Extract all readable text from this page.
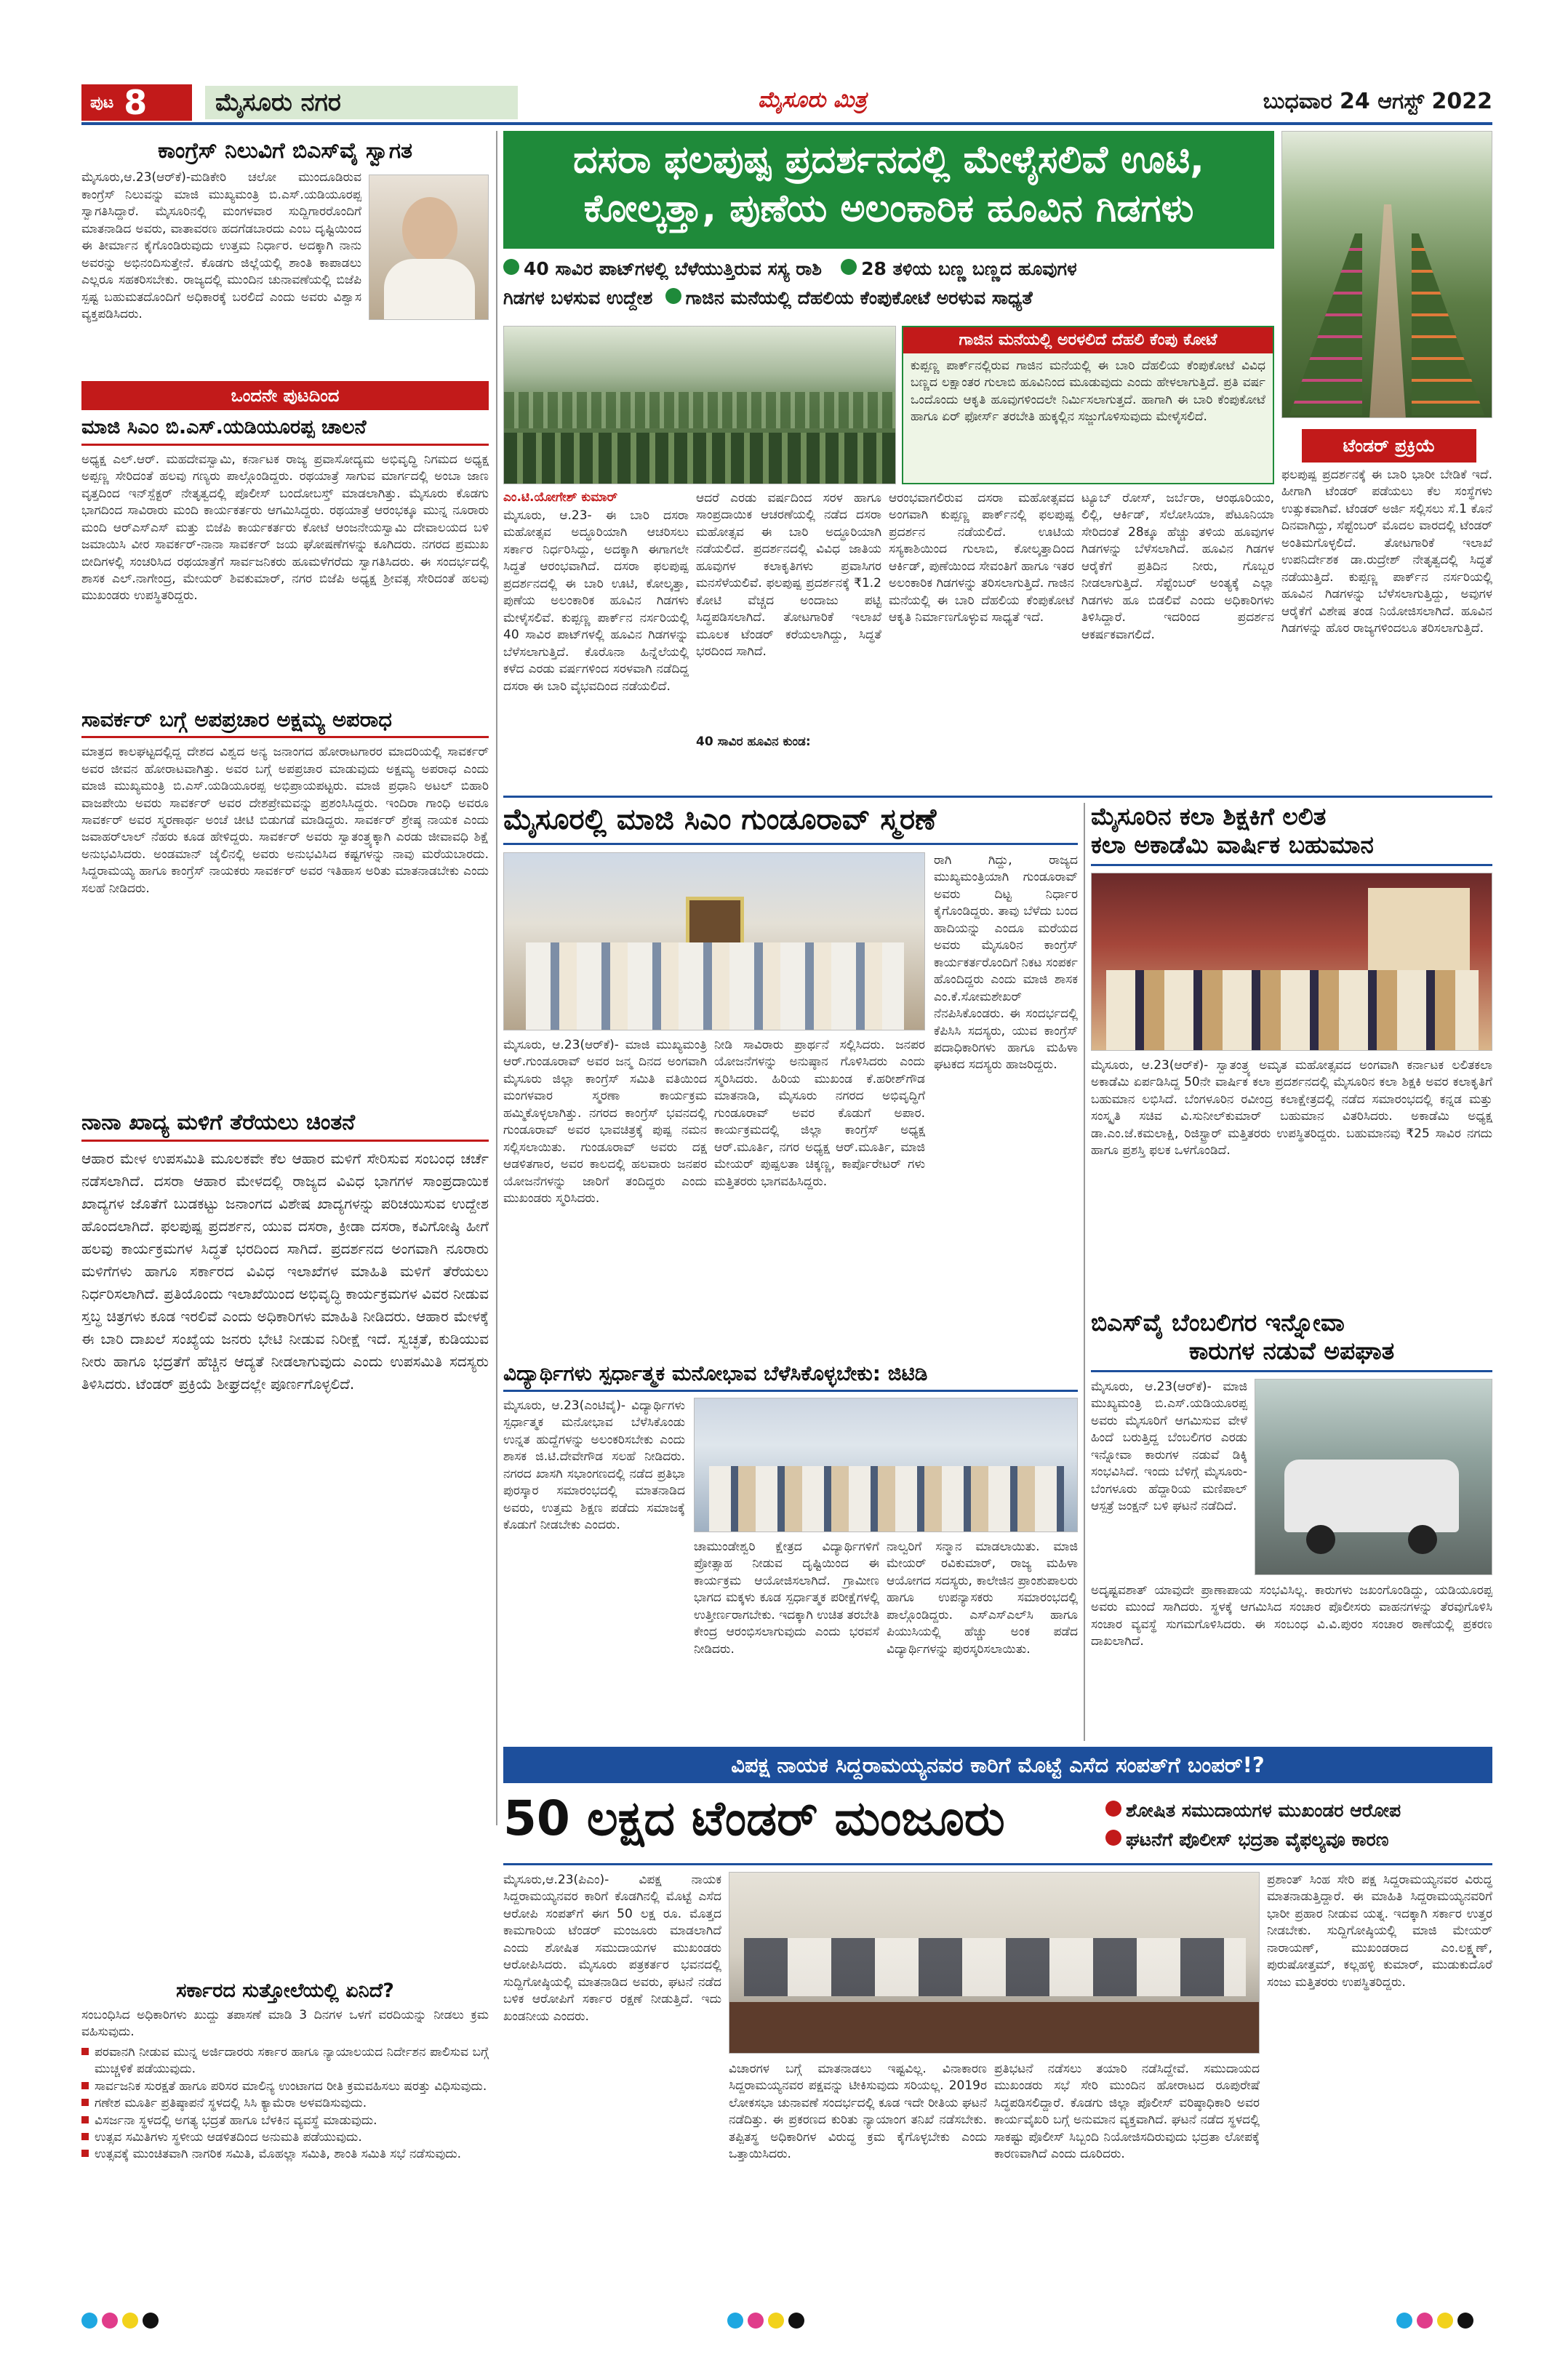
ಪುಟ 8	ಮೈಸೂರು ನಗರ	ಮೈಸೂರು ಮಿತ್ರ	ಬುಧವಾರ 24 ಆಗಸ್ಟ್ 2022
ಕಾಂಗ್ರೆಸ್ ನಿಲುವಿಗೆ ಬಿಎಸ್‌ವೈ ಸ್ವಾಗತ
ಮೈಸೂರು,ಆ.23(ಆರ್‌ಕೆ)-ಮಡಿಕೇರಿ ಚಲೋ ಮುಂದೂಡಿರುವ ಕಾಂಗ್ರೆಸ್ ನಿಲುವನ್ನು ಮಾಜಿ ಮುಖ್ಯಮಂತ್ರಿ ಬಿ.ಎಸ್.ಯಡಿಯೂರಪ್ಪ ಸ್ವಾಗತಿಸಿದ್ದಾರೆ. ಮೈಸೂರಿನಲ್ಲಿ ಮಂಗಳವಾರ ಸುದ್ದಿಗಾರರೊಂದಿಗೆ ಮಾತನಾಡಿದ ಅವರು, ವಾತಾವರಣ ಹದಗೆಡಬಾರದು ಎಂಬ ದೃಷ್ಟಿಯಿಂದ ಈ ತೀರ್ಮಾನ ಕೈಗೊಂಡಿರುವುದು ಉತ್ತಮ ನಿರ್ಧಾರ. ಅದಕ್ಕಾಗಿ ನಾನು ಅವರನ್ನು ಅಭಿನಂದಿಸುತ್ತೇನೆ. ಕೊಡಗು ಜಿಲ್ಲೆಯಲ್ಲಿ ಶಾಂತಿ ಕಾಪಾಡಲು ಎಲ್ಲರೂ ಸಹಕರಿಸಬೇಕು. ರಾಜ್ಯದಲ್ಲಿ ಮುಂದಿನ ಚುನಾವಣೆಯಲ್ಲಿ ಬಿಜೆಪಿ ಸ್ಪಷ್ಟ ಬಹುಮತದೊಂದಿಗೆ ಅಧಿಕಾರಕ್ಕೆ ಬರಲಿದೆ ಎಂದು ಅವರು ವಿಶ್ವಾಸ ವ್ಯಕ್ತಪಡಿಸಿದರು.
ಒಂದನೇ ಪುಟದಿಂದ
ಮಾಜಿ ಸಿಎಂ ಬಿ.ಎಸ್.ಯಡಿಯೂರಪ್ಪ ಚಾಲನೆ
ಅಧ್ಯಕ್ಷ ಎಲ್.ಆರ್. ಮಹದೇವಸ್ವಾಮಿ, ಕರ್ನಾಟಕ ರಾಜ್ಯ ಪ್ರವಾಸೋದ್ಯಮ ಅಭಿವೃದ್ಧಿ ನಿಗಮದ ಅಧ್ಯಕ್ಷ ಅಪ್ಪಣ್ಣ ಸೇರಿದಂತೆ ಹಲವು ಗಣ್ಯರು ಪಾಲ್ಗೊಂಡಿದ್ದರು. ರಥಯಾತ್ರೆ ಸಾಗುವ ಮಾರ್ಗದಲ್ಲಿ ಅಂಬಾ ಜಾಣ ವೃತ್ತದಿಂದ ಇನ್‌ಸ್ಪೆಕ್ಟರ್ ನೇತೃತ್ವದಲ್ಲಿ ಪೊಲೀಸ್ ಬಂದೋಬಸ್ತ್ ಮಾಡಲಾಗಿತ್ತು. ಮೈಸೂರು ಕೊಡಗು ಭಾಗದಿಂದ ಸಾವಿರಾರು ಮಂದಿ ಕಾರ್ಯಕರ್ತರು ಆಗಮಿಸಿದ್ದರು. ರಥಯಾತ್ರೆ ಆರಂಭಕ್ಕೂ ಮುನ್ನ ನೂರಾರು ಮಂದಿ ಆರ್‌ಎಸ್‌ಎಸ್ ಮತ್ತು ಬಿಜೆಪಿ ಕಾರ್ಯಕರ್ತರು ಕೋಟೆ ಆಂಜನೇಯಸ್ವಾಮಿ ದೇವಾಲಯದ ಬಳಿ ಜಮಾಯಿಸಿ ವೀರ ಸಾವರ್ಕರ್-ನಾನಾ ಸಾವರ್ಕರ್ ಜಯ ಘೋಷಣೆಗಳನ್ನು ಕೂಗಿದರು. ನಗರದ ಪ್ರಮುಖ ಬೀದಿಗಳಲ್ಲಿ ಸಂಚರಿಸಿದ ರಥಯಾತ್ರೆಗೆ ಸಾರ್ವಜನಿಕರು ಹೂಮಳೆಗರೆದು ಸ್ವಾಗತಿಸಿದರು. ಈ ಸಂದರ್ಭದಲ್ಲಿ ಶಾಸಕ ಎಲ್.ನಾಗೇಂದ್ರ, ಮೇಯರ್ ಶಿವಕುಮಾರ್, ನಗರ ಬಿಜೆಪಿ ಅಧ್ಯಕ್ಷ ಶ್ರೀವತ್ಸ ಸೇರಿದಂತೆ ಹಲವು ಮುಖಂಡರು ಉಪಸ್ಥಿತರಿದ್ದರು.
ಸಾವರ್ಕರ್ ಬಗ್ಗೆ ಅಪಪ್ರಚಾರ ಅಕ್ಷಮ್ಯ ಅಪರಾಧ
ಮಾತ್ರದ ಕಾಲಘಟ್ಟದಲ್ಲಿದ್ದ ದೇಶದ ವಿಶ್ವದ ಅನ್ಯ ಜನಾಂಗದ ಹೋರಾಟಗಾರರ ಮಾದರಿಯಲ್ಲಿ ಸಾವರ್ಕರ್ ಅವರ ಜೀವನ ಹೋರಾಟವಾಗಿತ್ತು. ಅವರ ಬಗ್ಗೆ ಅಪಪ್ರಚಾರ ಮಾಡುವುದು ಅಕ್ಷಮ್ಯ ಅಪರಾಧ ಎಂದು ಮಾಜಿ ಮುಖ್ಯಮಂತ್ರಿ ಬಿ.ಎಸ್.ಯಡಿಯೂರಪ್ಪ ಅಭಿಪ್ರಾಯಪಟ್ಟರು. ಮಾಜಿ ಪ್ರಧಾನಿ ಅಟಲ್ ಬಿಹಾರಿ ವಾಜಪೇಯಿ ಅವರು ಸಾವರ್ಕರ್ ಅವರ ದೇಶಪ್ರೇಮವನ್ನು ಪ್ರಶಂಸಿಸಿದ್ದರು. ಇಂದಿರಾ ಗಾಂಧಿ ಅವರೂ ಸಾವರ್ಕರ್ ಅವರ ಸ್ಮರಣಾರ್ಥ ಅಂಚೆ ಚೀಟಿ ಬಿಡುಗಡೆ ಮಾಡಿದ್ದರು. ಸಾವರ್ಕರ್ ಶ್ರೇಷ್ಠ ನಾಯಕ ಎಂದು ಜವಾಹರ್‌ಲಾಲ್ ನೆಹರು ಕೂಡ ಹೇಳಿದ್ದರು. ಸಾವರ್ಕರ್ ಅವರು ಸ್ವಾತಂತ್ರ್ಯಕ್ಕಾಗಿ ಎರಡು ಜೀವಾವಧಿ ಶಿಕ್ಷೆ ಅನುಭವಿಸಿದರು. ಅಂಡಮಾನ್ ಜೈಲಿನಲ್ಲಿ ಅವರು ಅನುಭವಿಸಿದ ಕಷ್ಟಗಳನ್ನು ನಾವು ಮರೆಯಬಾರದು. ಸಿದ್ದರಾಮಯ್ಯ ಹಾಗೂ ಕಾಂಗ್ರೆಸ್ ನಾಯಕರು ಸಾವರ್ಕರ್ ಅವರ ಇತಿಹಾಸ ಅರಿತು ಮಾತನಾಡಬೇಕು ಎಂದು ಸಲಹೆ ನೀಡಿದರು.
ನಾನಾ ಖಾದ್ಯ ಮಳಿಗೆ ತೆರೆಯಲು ಚಿಂತನೆ
ಆಹಾರ ಮೇಳ ಉಪಸಮಿತಿ ಮೂಲಕವೇ ಕೆಲ ಆಹಾರ ಮಳಿಗೆ ಸೇರಿಸುವ ಸಂಬಂಧ ಚರ್ಚೆ ನಡೆಸಲಾಗಿದೆ. ದಸರಾ ಆಹಾರ ಮೇಳದಲ್ಲಿ ರಾಜ್ಯದ ವಿವಿಧ ಭಾಗಗಳ ಸಾಂಪ್ರದಾಯಿಕ ಖಾದ್ಯಗಳ ಜೊತೆಗೆ ಬುಡಕಟ್ಟು ಜನಾಂಗದ ವಿಶೇಷ ಖಾದ್ಯಗಳನ್ನು ಪರಿಚಯಿಸುವ ಉದ್ದೇಶ ಹೊಂದಲಾಗಿದೆ. ಫಲಪುಷ್ಪ ಪ್ರದರ್ಶನ, ಯುವ ದಸರಾ, ಕ್ರೀಡಾ ದಸರಾ, ಕವಿಗೋಷ್ಠಿ ಹೀಗೆ ಹಲವು ಕಾರ್ಯಕ್ರಮಗಳ ಸಿದ್ಧತೆ ಭರದಿಂದ ಸಾಗಿದೆ. ಪ್ರದರ್ಶನದ ಅಂಗವಾಗಿ ನೂರಾರು ಮಳಿಗೆಗಳು ಹಾಗೂ ಸರ್ಕಾರದ ವಿವಿಧ ಇಲಾಖೆಗಳ ಮಾಹಿತಿ ಮಳಿಗೆ ತೆರೆಯಲು ನಿರ್ಧರಿಸಲಾಗಿದೆ. ಪ್ರತಿಯೊಂದು ಇಲಾಖೆಯಿಂದ ಅಭಿವೃದ್ಧಿ ಕಾರ್ಯಕ್ರಮಗಳ ವಿವರ ನೀಡುವ ಸ್ತಬ್ಧ ಚಿತ್ರಗಳು ಕೂಡ ಇರಲಿವೆ ಎಂದು ಅಧಿಕಾರಿಗಳು ಮಾಹಿತಿ ನೀಡಿದರು. ಆಹಾರ ಮೇಳಕ್ಕೆ ಈ ಬಾರಿ ದಾಖಲೆ ಸಂಖ್ಯೆಯ ಜನರು ಭೇಟಿ ನೀಡುವ ನಿರೀಕ್ಷೆ ಇದೆ. ಸ್ವಚ್ಛತೆ, ಕುಡಿಯುವ ನೀರು ಹಾಗೂ ಭದ್ರತೆಗೆ ಹೆಚ್ಚಿನ ಆದ್ಯತೆ ನೀಡಲಾಗುವುದು ಎಂದು ಉಪಸಮಿತಿ ಸದಸ್ಯರು ತಿಳಿಸಿದರು. ಟೆಂಡರ್ ಪ್ರಕ್ರಿಯೆ ಶೀಘ್ರದಲ್ಲೇ ಪೂರ್ಣಗೊಳ್ಳಲಿದೆ.
ಸರ್ಕಾರದ ಸುತ್ತೋಲೆಯಲ್ಲಿ ಏನಿದೆ?
ಸಂಬಂಧಿಸಿದ ಅಧಿಕಾರಿಗಳು ಖುದ್ದು ತಪಾಸಣೆ ಮಾಡಿ 3 ದಿನಗಳ ಒಳಗೆ ವರದಿಯನ್ನು ನೀಡಲು ಕ್ರಮ ವಹಿಸುವುದು.
ಪರವಾನಗಿ ನೀಡುವ ಮುನ್ನ ಅರ್ಜಿದಾರರು ಸರ್ಕಾರ ಹಾಗೂ ನ್ಯಾಯಾಲಯದ ನಿರ್ದೇಶನ ಪಾಲಿಸುವ ಬಗ್ಗೆ ಮುಚ್ಚಳಿಕೆ ಪಡೆಯುವುದು.
ಸಾರ್ವಜನಿಕ ಸುರಕ್ಷತೆ ಹಾಗೂ ಪರಿಸರ ಮಾಲಿನ್ಯ ಉಂಟಾಗದ ರೀತಿ ಕ್ರಮವಹಿಸಲು ಷರತ್ತು ವಿಧಿಸುವುದು.
ಗಣೇಶ ಮೂರ್ತಿ ಪ್ರತಿಷ್ಠಾಪನೆ ಸ್ಥಳದಲ್ಲಿ ಸಿಸಿ ಕ್ಯಾಮೆರಾ ಅಳವಡಿಸುವುದು.
ವಿಸರ್ಜನಾ ಸ್ಥಳದಲ್ಲಿ ಅಗತ್ಯ ಭದ್ರತೆ ಹಾಗೂ ಬೆಳಕಿನ ವ್ಯವಸ್ಥೆ ಮಾಡುವುದು.
ಉತ್ಸವ ಸಮಿತಿಗಳು ಸ್ಥಳೀಯ ಆಡಳಿತದಿಂದ ಅನುಮತಿ ಪಡೆಯುವುದು.
ಉತ್ಸವಕ್ಕೆ ಮುಂಚಿತವಾಗಿ ನಾಗರಿಕ ಸಮಿತಿ, ಮೊಹಲ್ಲಾ ಸಮಿತಿ, ಶಾಂತಿ ಸಮಿತಿ ಸಭೆ ನಡೆಸುವುದು.
ದಸರಾ ಫಲಪುಷ್ಪ ಪ್ರದರ್ಶನದಲ್ಲಿ ಮೇಳೈಸಲಿವೆ ಊಟಿ,
ಕೋಲ್ಕತ್ತಾ, ಪುಣೆಯ ಅಲಂಕಾರಿಕ ಹೂವಿನ ಗಿಡಗಳು
40 ಸಾವಿರ ಪಾಟ್‌ಗಳಲ್ಲಿ ಬೆಳೆಯುತ್ತಿರುವ ಸಸ್ಯ ರಾಶಿ 28 ತಳಿಯ ಬಣ್ಣ ಬಣ್ಣದ ಹೂವುಗಳ
ಗಿಡಗಳ ಬಳಸುವ ಉದ್ದೇಶ ಗಾಜಿನ ಮನೆಯಲ್ಲಿ ದೆಹಲಿಯ ಕೆಂಪುಕೋಟೆ ಅರಳುವ ಸಾಧ್ಯತೆ
ಗಾಜಿನ ಮನೆಯಲ್ಲಿ ಅರಳಲಿದೆ ದೆಹಲಿ ಕೆಂಪು ಕೋಟೆ
ಕುಪ್ಪಣ್ಣ ಪಾರ್ಕ್‌ನಲ್ಲಿರುವ ಗಾಜಿನ ಮನೆಯಲ್ಲಿ ಈ ಬಾರಿ ದೆಹಲಿಯ ಕೆಂಪುಕೋಟೆ ವಿವಿಧ ಬಣ್ಣದ ಲಕ್ಷಾಂತರ ಗುಲಾಬಿ ಹೂವಿನಿಂದ ಮೂಡುವುದು ಎಂದು ಹೇಳಲಾಗುತ್ತಿದೆ. ಪ್ರತಿ ವರ್ಷ ಒಂದೊಂದು ಆಕೃತಿ ಹೂವುಗಳಿಂದಲೇ ನಿರ್ಮಿಸಲಾಗುತ್ತದೆ. ಹಾಗಾಗಿ ಈ ಬಾರಿ ಕೆಂಪುಕೋಟೆ ಹಾಗೂ ಏರ್ ಫೋರ್ಸ್ ತರಬೇತಿ ಹುಕ್ಕಲ್ಲಿನ ಸಜ್ಜುಗೊಳಿಸುವುದು ಮೇಳೈಸಲಿದೆ.
ಟೆಂಡರ್ ಪ್ರಕ್ರಿಯೆ
ಫಲಪುಷ್ಪ ಪ್ರದರ್ಶನಕ್ಕೆ ಈ ಬಾರಿ ಭಾರೀ ಬೇಡಿಕೆ ಇದೆ. ಹೀಗಾಗಿ ಟೆಂಡರ್ ಪಡೆಯಲು ಕೆಲ ಸಂಸ್ಥೆಗಳು ಉತ್ಸುಕವಾಗಿವೆ. ಟೆಂಡರ್ ಅರ್ಜಿ ಸಲ್ಲಿಸಲು ಸೆ.1 ಕೊನೆ ದಿನವಾಗಿದ್ದು, ಸೆಪ್ಟೆಂಬರ್ ಮೊದಲ ವಾರದಲ್ಲಿ ಟೆಂಡರ್ ಅಂತಿಮಗೊಳ್ಳಲಿದೆ. ತೋಟಗಾರಿಕೆ ಇಲಾಖೆ ಉಪನಿರ್ದೇಶಕ ಡಾ.ರುದ್ರೇಶ್ ನೇತೃತ್ವದಲ್ಲಿ ಸಿದ್ಧತೆ ನಡೆಯುತ್ತಿದೆ. ಕುಪ್ಪಣ್ಣ ಪಾರ್ಕ್‌ನ ನರ್ಸರಿಯಲ್ಲಿ ಹೂವಿನ ಗಿಡಗಳನ್ನು ಬೆಳೆಸಲಾಗುತ್ತಿದ್ದು, ಅವುಗಳ ಆರೈಕೆಗೆ ವಿಶೇಷ ತಂಡ ನಿಯೋಜಿಸಲಾಗಿದೆ. ಹೂವಿನ ಗಿಡಗಳನ್ನು ಹೊರ ರಾಜ್ಯಗಳಿಂದಲೂ ತರಿಸಲಾಗುತ್ತಿದೆ.
ಎಂ.ಟಿ.ಯೋಗೇಶ್ ಕುಮಾರ್
ಮೈಸೂರು, ಆ.23- ಈ ಬಾರಿ ದಸರಾ ಮಹೋತ್ಸವ ಅದ್ಧೂರಿಯಾಗಿ ಆಚರಿಸಲು ಸರ್ಕಾರ ನಿರ್ಧರಿಸಿದ್ದು, ಅದಕ್ಕಾಗಿ ಈಗಾಗಲೇ ಸಿದ್ಧತೆ ಆರಂಭವಾಗಿದೆ. ದಸರಾ ಫಲಪುಷ್ಪ ಪ್ರದರ್ಶನದಲ್ಲಿ ಈ ಬಾರಿ ಊಟಿ, ಕೋಲ್ಕತ್ತಾ, ಪುಣೆಯ ಅಲಂಕಾರಿಕ ಹೂವಿನ ಗಿಡಗಳು ಮೇಳೈಸಲಿವೆ. ಕುಪ್ಪಣ್ಣ ಪಾರ್ಕ್‌ನ ನರ್ಸರಿಯಲ್ಲಿ 40 ಸಾವಿರ ಪಾಟ್‌ಗಳಲ್ಲಿ ಹೂವಿನ ಗಿಡಗಳನ್ನು ಬೆಳೆಸಲಾಗುತ್ತಿದೆ. ಕೊರೊನಾ ಹಿನ್ನೆಲೆಯಲ್ಲಿ ಕಳೆದ ಎರಡು ವರ್ಷಗಳಿಂದ ಸರಳವಾಗಿ ನಡೆದಿದ್ದ ದಸರಾ ಈ ಬಾರಿ ವೈಭವದಿಂದ ನಡೆಯಲಿದೆ.
ಆದರೆ ಎರಡು ವರ್ಷದಿಂದ ಸರಳ ಹಾಗೂ ಸಾಂಪ್ರದಾಯಿಕ ಆಚರಣೆಯಲ್ಲಿ ನಡೆದ ದಸರಾ ಮಹೋತ್ಸವ ಈ ಬಾರಿ ಅದ್ಧೂರಿಯಾಗಿ ನಡೆಯಲಿದೆ. ಪ್ರದರ್ಶನದಲ್ಲಿ ವಿವಿಧ ಜಾತಿಯ ಹೂವುಗಳ ಕಲಾಕೃತಿಗಳು ಪ್ರವಾಸಿಗರ ಮನಸೆಳೆಯಲಿವೆ. ಫಲಪುಷ್ಪ ಪ್ರದರ್ಶನಕ್ಕೆ ₹1.2 ಕೋಟಿ ವೆಚ್ಚದ ಅಂದಾಜು ಪಟ್ಟಿ ಸಿದ್ಧಪಡಿಸಲಾಗಿದೆ. ತೋಟಗಾರಿಕೆ ಇಲಾಖೆ ಮೂಲಕ ಟೆಂಡರ್ ಕರೆಯಲಾಗಿದ್ದು, ಸಿದ್ಧತೆ ಭರದಿಂದ ಸಾಗಿದೆ.
40 ಸಾವಿರ ಹೂವಿನ ಕುಂಡ:
ಆರಂಭವಾಗಲಿರುವ ದಸರಾ ಮಹೋತ್ಸವದ ಅಂಗವಾಗಿ ಕುಪ್ಪಣ್ಣ ಪಾರ್ಕ್‌ನಲ್ಲಿ ಫಲಪುಷ್ಪ ಪ್ರದರ್ಶನ ನಡೆಯಲಿದೆ. ಊಟಿಯ ಸಸ್ಯಕಾಶಿಯಿಂದ ಗುಲಾಬಿ, ಕೋಲ್ಕತ್ತಾದಿಂದ ಆರ್ಕಿಡ್, ಪುಣೆಯಿಂದ ಸೇವಂತಿಗೆ ಹಾಗೂ ಇತರ ಅಲಂಕಾರಿಕ ಗಿಡಗಳನ್ನು ತರಿಸಲಾಗುತ್ತಿದೆ. ಗಾಜಿನ ಮನೆಯಲ್ಲಿ ಈ ಬಾರಿ ದೆಹಲಿಯ ಕೆಂಪುಕೋಟೆ ಆಕೃತಿ ನಿರ್ಮಾಣಗೊಳ್ಳುವ ಸಾಧ್ಯತೆ ಇದೆ.
ಟ್ಯೂಬ್ ರೋಸ್, ಜರ್ಬೆರಾ, ಆಂಥೂರಿಯಂ, ಲಿಲ್ಲಿ, ಆರ್ಕಿಡ್, ಸೆಲೋಸಿಯಾ, ಪೆಟೂನಿಯಾ ಸೇರಿದಂತೆ 28ಕ್ಕೂ ಹೆಚ್ಚು ತಳಿಯ ಹೂವುಗಳ ಗಿಡಗಳನ್ನು ಬೆಳೆಸಲಾಗಿದೆ. ಹೂವಿನ ಗಿಡಗಳ ಆರೈಕೆಗೆ ಪ್ರತಿದಿನ ನೀರು, ಗೊಬ್ಬರ ನೀಡಲಾಗುತ್ತಿದೆ. ಸೆಪ್ಟೆಂಬರ್ ಅಂತ್ಯಕ್ಕೆ ಎಲ್ಲಾ ಗಿಡಗಳು ಹೂ ಬಿಡಲಿವೆ ಎಂದು ಅಧಿಕಾರಿಗಳು ತಿಳಿಸಿದ್ದಾರೆ. ಇದರಿಂದ ಪ್ರದರ್ಶನ ಆಕರ್ಷಕವಾಗಲಿದೆ.
ಮೈಸೂರಲ್ಲಿ ಮಾಜಿ ಸಿಎಂ ಗುಂಡೂರಾವ್ ಸ್ಮರಣೆ
ಮೈಸೂರು, ಆ.23(ಆರ್‌ಕೆ)- ಮಾಜಿ ಮುಖ್ಯಮಂತ್ರಿ ಆರ್.ಗುಂಡೂರಾವ್ ಅವರ ಜನ್ಮ ದಿನದ ಅಂಗವಾಗಿ ಮೈಸೂರು ಜಿಲ್ಲಾ ಕಾಂಗ್ರೆಸ್ ಸಮಿತಿ ವತಿಯಿಂದ ಮಂಗಳವಾರ ಸ್ಮರಣಾ ಕಾರ್ಯಕ್ರಮ ಹಮ್ಮಿಕೊಳ್ಳಲಾಗಿತ್ತು. ನಗರದ ಕಾಂಗ್ರೆಸ್ ಭವನದಲ್ಲಿ ಗುಂಡೂರಾವ್ ಅವರ ಭಾವಚಿತ್ರಕ್ಕೆ ಪುಷ್ಪ ನಮನ ಸಲ್ಲಿಸಲಾಯಿತು. ಗುಂಡೂರಾವ್ ಅವರು ದಕ್ಷ ಆಡಳಿತಗಾರ, ಅವರ ಕಾಲದಲ್ಲಿ ಹಲವಾರು ಜನಪರ ಯೋಜನೆಗಳನ್ನು ಜಾರಿಗೆ ತಂದಿದ್ದರು ಎಂದು ಮುಖಂಡರು ಸ್ಮರಿಸಿದರು.
ನೀಡಿ ಸಾವಿರಾರು ಪ್ರಾರ್ಥನೆ ಸಲ್ಲಿಸಿದರು. ಜನಪರ ಯೋಜನೆಗಳನ್ನು ಅನುಷ್ಠಾನ ಗೊಳಿಸಿದರು ಎಂದು ಸ್ಮರಿಸಿದರು. ಹಿರಿಯ ಮುಖಂಡ ಕೆ.ಹರೀಶ್‌ಗೌಡ ಮಾತನಾಡಿ, ಮೈಸೂರು ನಗರದ ಅಭಿವೃದ್ಧಿಗೆ ಗುಂಡೂರಾವ್ ಅವರ ಕೊಡುಗೆ ಅಪಾರ. ಕಾರ್ಯಕ್ರಮದಲ್ಲಿ ಜಿಲ್ಲಾ ಕಾಂಗ್ರೆಸ್ ಅಧ್ಯಕ್ಷ ಆರ್.ಮೂರ್ತಿ, ನಗರ ಅಧ್ಯಕ್ಷ ಆರ್.ಮೂರ್ತಿ, ಮಾಜಿ ಮೇಯರ್ ಪುಷ್ಪಲತಾ ಚಿಕ್ಕಣ್ಣ, ಕಾರ್ಪೊರೇಟರ್ ಗಳು ಮತ್ತಿತರರು ಭಾಗವಹಿಸಿದ್ದರು.
ರಾಗಿ ಗಿದ್ದು, ರಾಜ್ಯದ ಮುಖ್ಯಮಂತ್ರಿಯಾಗಿ ಗುಂಡೂರಾವ್ ಅವರು ದಿಟ್ಟ ನಿರ್ಧಾರ ಕೈಗೊಂಡಿದ್ದರು. ತಾವು ಬೆಳೆದು ಬಂದ ಹಾದಿಯನ್ನು ಎಂದೂ ಮರೆಯದ ಅವರು ಮೈಸೂರಿನ ಕಾಂಗ್ರೆಸ್ ಕಾರ್ಯಕರ್ತರೊಂದಿಗೆ ನಿಕಟ ಸಂಪರ್ಕ ಹೊಂದಿದ್ದರು ಎಂದು ಮಾಜಿ ಶಾಸಕ ಎಂ.ಕೆ.ಸೋಮಶೇಖರ್ ನೆನಪಿಸಿಕೊಂಡರು. ಈ ಸಂದರ್ಭದಲ್ಲಿ ಕೆಪಿಸಿಸಿ ಸದಸ್ಯರು, ಯುವ ಕಾಂಗ್ರೆಸ್ ಪದಾಧಿಕಾರಿಗಳು ಹಾಗೂ ಮಹಿಳಾ ಘಟಕದ ಸದಸ್ಯರು ಹಾಜರಿದ್ದರು.
ವಿದ್ಯಾರ್ಥಿಗಳು ಸ್ಪರ್ಧಾತ್ಮಕ ಮನೋಭಾವ ಬೆಳೆಸಿಕೊಳ್ಳಬೇಕು: ಜಿಟಿಡಿ
ಮೈಸೂರು, ಆ.23(ಎಂಟಿವೈ)- ವಿದ್ಯಾರ್ಥಿಗಳು ಸ್ಪರ್ಧಾತ್ಮಕ ಮನೋಭಾವ ಬೆಳೆಸಿಕೊಂಡು ಉನ್ನತ ಹುದ್ದೆಗಳನ್ನು ಅಲಂಕರಿಸಬೇಕು ಎಂದು ಶಾಸಕ ಜಿ.ಟಿ.ದೇವೇಗೌಡ ಸಲಹೆ ನೀಡಿದರು. ನಗರದ ಖಾಸಗಿ ಸಭಾಂಗಣದಲ್ಲಿ ನಡೆದ ಪ್ರತಿಭಾ ಪುರಸ್ಕಾರ ಸಮಾರಂಭದಲ್ಲಿ ಮಾತನಾಡಿದ ಅವರು, ಉತ್ತಮ ಶಿಕ್ಷಣ ಪಡೆದು ಸಮಾಜಕ್ಕೆ ಕೊಡುಗೆ ನೀಡಬೇಕು ಎಂದರು.
ಚಾಮುಂಡೇಶ್ವರಿ ಕ್ಷೇತ್ರದ ವಿದ್ಯಾರ್ಥಿಗಳಿಗೆ ಪ್ರೋತ್ಸಾಹ ನೀಡುವ ದೃಷ್ಟಿಯಿಂದ ಈ ಕಾರ್ಯಕ್ರಮ ಆಯೋಜಿಸಲಾಗಿದೆ. ಗ್ರಾಮೀಣ ಭಾಗದ ಮಕ್ಕಳು ಕೂಡ ಸ್ಪರ್ಧಾತ್ಮಕ ಪರೀಕ್ಷೆಗಳಲ್ಲಿ ಉತ್ತೀರ್ಣರಾಗಬೇಕು. ಇದಕ್ಕಾಗಿ ಉಚಿತ ತರಬೇತಿ ಕೇಂದ್ರ ಆರಂಭಿಸಲಾಗುವುದು ಎಂದು ಭರವಸೆ ನೀಡಿದರು.
ನಾಲ್ವರಿಗೆ ಸನ್ಮಾನ ಮಾಡಲಾಯಿತು. ಮಾಜಿ ಮೇಯರ್ ರವಿಕುಮಾರ್, ರಾಜ್ಯ ಮಹಿಳಾ ಆಯೋಗದ ಸದಸ್ಯರು, ಕಾಲೇಜಿನ ಪ್ರಾಂಶುಪಾಲರು ಹಾಗೂ ಉಪನ್ಯಾಸಕರು ಸಮಾರಂಭದಲ್ಲಿ ಪಾಲ್ಗೊಂಡಿದ್ದರು. ಎಸ್‌ಎಸ್‌ಎಲ್‌ಸಿ ಹಾಗೂ ಪಿಯುಸಿಯಲ್ಲಿ ಹೆಚ್ಚು ಅಂಕ ಪಡೆದ ವಿದ್ಯಾರ್ಥಿಗಳನ್ನು ಪುರಸ್ಕರಿಸಲಾಯಿತು.
ಮೈಸೂರಿನ ಕಲಾ ಶಿಕ್ಷಕಿಗೆ ಲಲಿತ
ಕಲಾ ಅಕಾಡೆಮಿ ವಾರ್ಷಿಕ ಬಹುಮಾನ
ಮೈಸೂರು, ಆ.23(ಆರ್‌ಕೆ)- ಸ್ವಾತಂತ್ರ್ಯ ಅಮೃತ ಮಹೋತ್ಸವದ ಅಂಗವಾಗಿ ಕರ್ನಾಟಕ ಲಲಿತಕಲಾ ಅಕಾಡೆಮಿ ಏರ್ಪಡಿಸಿದ್ದ 50ನೇ ವಾರ್ಷಿಕ ಕಲಾ ಪ್ರದರ್ಶನದಲ್ಲಿ ಮೈಸೂರಿನ ಕಲಾ ಶಿಕ್ಷಕಿ ಅವರ ಕಲಾಕೃತಿಗೆ ಬಹುಮಾನ ಲಭಿಸಿದೆ. ಬೆಂಗಳೂರಿನ ರವೀಂದ್ರ ಕಲಾಕ್ಷೇತ್ರದಲ್ಲಿ ನಡೆದ ಸಮಾರಂಭದಲ್ಲಿ ಕನ್ನಡ ಮತ್ತು ಸಂಸ್ಕೃತಿ ಸಚಿವ ವಿ.ಸುನೀಲ್‌ಕುಮಾರ್ ಬಹುಮಾನ ವಿತರಿಸಿದರು. ಅಕಾಡೆಮಿ ಅಧ್ಯಕ್ಷ ಡಾ.ಎಂ.ಜೆ.ಕಮಲಾಕ್ಷಿ, ರಿಜಿಸ್ಟ್ರಾರ್ ಮತ್ತಿತರರು ಉಪಸ್ಥಿತರಿದ್ದರು. ಬಹುಮಾನವು ₹25 ಸಾವಿರ ನಗದು ಹಾಗೂ ಪ್ರಶಸ್ತಿ ಫಲಕ ಒಳಗೊಂಡಿದೆ.
ಬಿಎಸ್‌ವೈ ಬೆಂಬಲಿಗರ ಇನ್ನೋವಾ
ಕಾರುಗಳ ನಡುವೆ ಅಪಘಾತ
ಮೈಸೂರು, ಆ.23(ಆರ್‌ಕೆ)- ಮಾಜಿ ಮುಖ್ಯಮಂತ್ರಿ ಬಿ.ಎಸ್.ಯಡಿಯೂರಪ್ಪ ಅವರು ಮೈಸೂರಿಗೆ ಆಗಮಿಸುವ ವೇಳೆ ಹಿಂದೆ ಬರುತ್ತಿದ್ದ ಬೆಂಬಲಿಗರ ಎರಡು ಇನ್ನೋವಾ ಕಾರುಗಳ ನಡುವೆ ಡಿಕ್ಕಿ ಸಂಭವಿಸಿದೆ. ಇಂದು ಬೆಳಿಗ್ಗೆ ಮೈಸೂರು-ಬೆಂಗಳೂರು ಹೆದ್ದಾರಿಯ ಮಣಿಪಾಲ್ ಆಸ್ಪತ್ರೆ ಜಂಕ್ಷನ್ ಬಳಿ ಘಟನೆ ನಡೆದಿದೆ.
ಅದೃಷ್ಟವಶಾತ್ ಯಾವುದೇ ಪ್ರಾಣಾಪಾಯ ಸಂಭವಿಸಿಲ್ಲ. ಕಾರುಗಳು ಜಖಂಗೊಂಡಿದ್ದು, ಯಡಿಯೂರಪ್ಪ ಅವರು ಮುಂದೆ ಸಾಗಿದರು. ಸ್ಥಳಕ್ಕೆ ಆಗಮಿಸಿದ ಸಂಚಾರ ಪೊಲೀಸರು ವಾಹನಗಳನ್ನು ತೆರವುಗೊಳಿಸಿ ಸಂಚಾರ ವ್ಯವಸ್ಥೆ ಸುಗಮಗೊಳಿಸಿದರು. ಈ ಸಂಬಂಧ ವಿ.ವಿ.ಪುರಂ ಸಂಚಾರ ಠಾಣೆಯಲ್ಲಿ ಪ್ರಕರಣ ದಾಖಲಾಗಿದೆ.
ವಿಪಕ್ಷ ನಾಯಕ ಸಿದ್ದರಾಮಯ್ಯನವರ ಕಾರಿಗೆ ಮೊಟ್ಟೆ ಎಸೆದ ಸಂಪತ್‌ಗೆ ಬಂಪರ್!?
50 ಲಕ್ಷದ ಟೆಂಡರ್ ಮಂಜೂರು	ಶೋಷಿತ ಸಮುದಾಯಗಳ ಮುಖಂಡರ ಆರೋಪ
ಘಟನೆಗೆ ಪೊಲೀಸ್ ಭದ್ರತಾ ವೈಫಲ್ಯವೂ ಕಾರಣ
ಮೈಸೂರು,ಆ.23(ಪಿಎಂ)- ವಿಪಕ್ಷ ನಾಯಕ ಸಿದ್ದರಾಮಯ್ಯನವರ ಕಾರಿಗೆ ಕೊಡಗಿನಲ್ಲಿ ಮೊಟ್ಟೆ ಎಸೆದ ಆರೋಪಿ ಸಂಪತ್‌ಗೆ ಈಗ 50 ಲಕ್ಷ ರೂ. ಮೊತ್ತದ ಕಾಮಗಾರಿಯ ಟೆಂಡರ್ ಮಂಜೂರು ಮಾಡಲಾಗಿದೆ ಎಂದು ಶೋಷಿತ ಸಮುದಾಯಗಳ ಮುಖಂಡರು ಆರೋಪಿಸಿದರು. ಮೈಸೂರು ಪತ್ರಕರ್ತರ ಭವನದಲ್ಲಿ ಸುದ್ದಿಗೋಷ್ಠಿಯಲ್ಲಿ ಮಾತನಾಡಿದ ಅವರು, ಘಟನೆ ನಡೆದ ಬಳಿಕ ಆರೋಪಿಗೆ ಸರ್ಕಾರ ರಕ್ಷಣೆ ನೀಡುತ್ತಿದೆ. ಇದು ಖಂಡನೀಯ ಎಂದರು.
ವಿಚಾರಗಳ ಬಗ್ಗೆ ಮಾತನಾಡಲು ಇಷ್ಟವಿಲ್ಲ. ವಿನಾಕಾರಣ ಸಿದ್ದರಾಮಯ್ಯನವರ ಪಕ್ಷವನ್ನು ಟೀಕಿಸುವುದು ಸರಿಯಲ್ಲ. 2019ರ ಲೋಕಸಭಾ ಚುನಾವಣೆ ಸಂದರ್ಭದಲ್ಲಿ ಕೂಡ ಇದೇ ರೀತಿಯ ಘಟನೆ ನಡೆದಿತ್ತು. ಈ ಪ್ರಕರಣದ ಕುರಿತು ನ್ಯಾಯಾಂಗ ತನಿಖೆ ನಡೆಸಬೇಕು. ತಪ್ಪಿತಸ್ಥ ಅಧಿಕಾರಿಗಳ ವಿರುದ್ಧ ಕ್ರಮ ಕೈಗೊಳ್ಳಬೇಕು ಎಂದು ಒತ್ತಾಯಿಸಿದರು.
ಪ್ರತಿಭಟನೆ ನಡೆಸಲು ತಯಾರಿ ನಡೆಸಿದ್ದೇವೆ. ಸಮುದಾಯದ ಮುಖಂಡರು ಸಭೆ ಸೇರಿ ಮುಂದಿನ ಹೋರಾಟದ ರೂಪುರೇಷೆ ಸಿದ್ಧಪಡಿಸಲಿದ್ದಾರೆ. ಕೊಡಗು ಜಿಲ್ಲಾ ಪೊಲೀಸ್ ವರಿಷ್ಠಾಧಿಕಾರಿ ಅವರ ಕಾರ್ಯವೈಖರಿ ಬಗ್ಗೆ ಅನುಮಾನ ವ್ಯಕ್ತವಾಗಿದೆ. ಘಟನೆ ನಡೆದ ಸ್ಥಳದಲ್ಲಿ ಸಾಕಷ್ಟು ಪೊಲೀಸ್ ಸಿಬ್ಬಂದಿ ನಿಯೋಜಿಸದಿರುವುದು ಭದ್ರತಾ ಲೋಪಕ್ಕೆ ಕಾರಣವಾಗಿದೆ ಎಂದು ದೂರಿದರು.
ಪ್ರಶಾಂತ್ ಸಿಂಹ ಸೇರಿ ಪಕ್ಷ ಸಿದ್ದರಾಮಯ್ಯನವರ ವಿರುದ್ಧ ಮಾತನಾಡುತ್ತಿದ್ದಾರೆ. ಈ ಮಾಹಿತಿ ಸಿದ್ದರಾಮಯ್ಯನವರಿಗೆ ಭಾರೀ ಪ್ರಹಾರ ನೀಡುವ ಯತ್ನ. ಇದಕ್ಕಾಗಿ ಸರ್ಕಾರ ಉತ್ತರ ನೀಡಬೇಕು. ಸುದ್ದಿಗೋಷ್ಠಿಯಲ್ಲಿ ಮಾಜಿ ಮೇಯರ್ ನಾರಾಯಣ್, ಮುಖಂಡರಾದ ಎಂ.ಲಕ್ಷ್ಮಣ್, ಪುರುಷೋತ್ತಮ್, ಕಲ್ಲಹಳ್ಳಿ ಕುಮಾರ್, ಮುಡುಕುದೊರೆ ಸಂಜು ಮತ್ತಿತರರು ಉಪಸ್ಥಿತರಿದ್ದರು.
